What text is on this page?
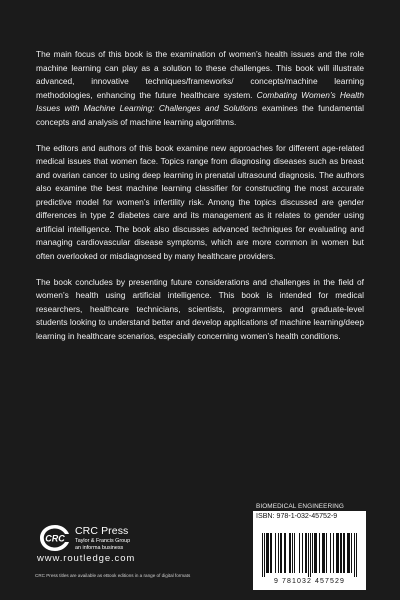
The main focus of this book is the examination of women’s health issues and the role machine learning can play as a solution to these challenges. This book will illustrate advanced, innovative techniques/frameworks/ concepts/machine learning methodologies, enhancing the future healthcare system. Combating Women’s Health Issues with Machine Learning: Challenges and Solutions examines the fundamental concepts and analysis of machine learning algorithms.

The editors and authors of this book examine new approaches for different age-related medical issues that women face. Topics range from diagnosing diseases such as breast and ovarian cancer to using deep learning in prenatal ultrasound diagnosis. The authors also examine the best machine learning classifier for constructing the most accurate predictive model for women’s infertility risk. Among the topics discussed are gender differences in type 2 diabetes care and its management as it relates to gender using artificial intelligence. The book also discusses advanced techniques for evaluating and managing cardiovascular disease symptoms, which are more common in women but often overlooked or misdiagnosed by many healthcare providers.

The book concludes by presenting future considerations and challenges in the field of women’s health using artificial intelligence. This book is intended for medical researchers, healthcare technicians, scientists, programmers and graduate-level students looking to understand better and develop applications of machine learning/deep learning in healthcare scenarios, especially concerning women’s health conditions.

BIOMEDICAL ENGINEERING
ISBN: 978-1-032-45752-9
9 781032 457529
CRC
CRC Press
Taylor & Francis Group
an informa business
www.routledge.com
CRC Press titles are available as eBook editions in a range of digital formats
